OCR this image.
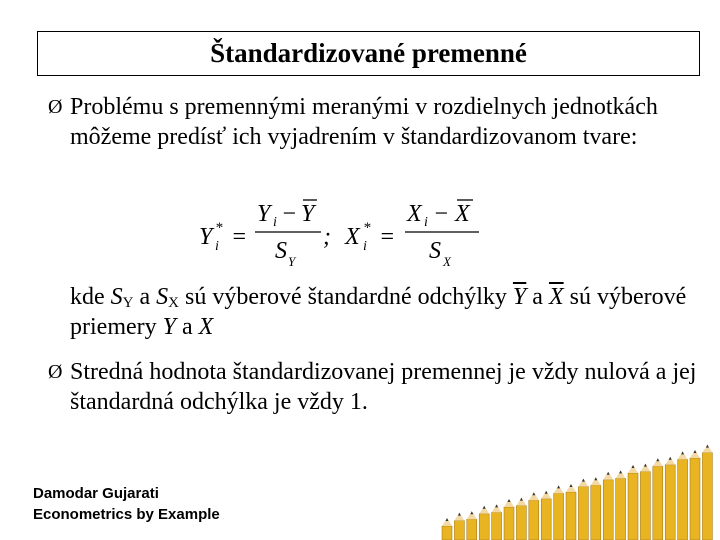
Štandardizované premenné
Ø Problému s premennými meranými v rozdielnych jednotkách môžeme predísť ich vyjadrením v štandardizovanom tvare:
Y *
i =
Y i − Y
S Y
; X *
i =
X i − X
S X
kde $S_Y$ a $S_X$ sú výberové štandardné odchýlky $\overline{Y}$ a $\overline{X}$ sú výberové priemery Y a X
Ø Stredná hodnota štandardizovanej premennej je vždy nulová a jej štandardná odchýlka je vždy 1.
Damodar Gujarati
Econometrics by Example
